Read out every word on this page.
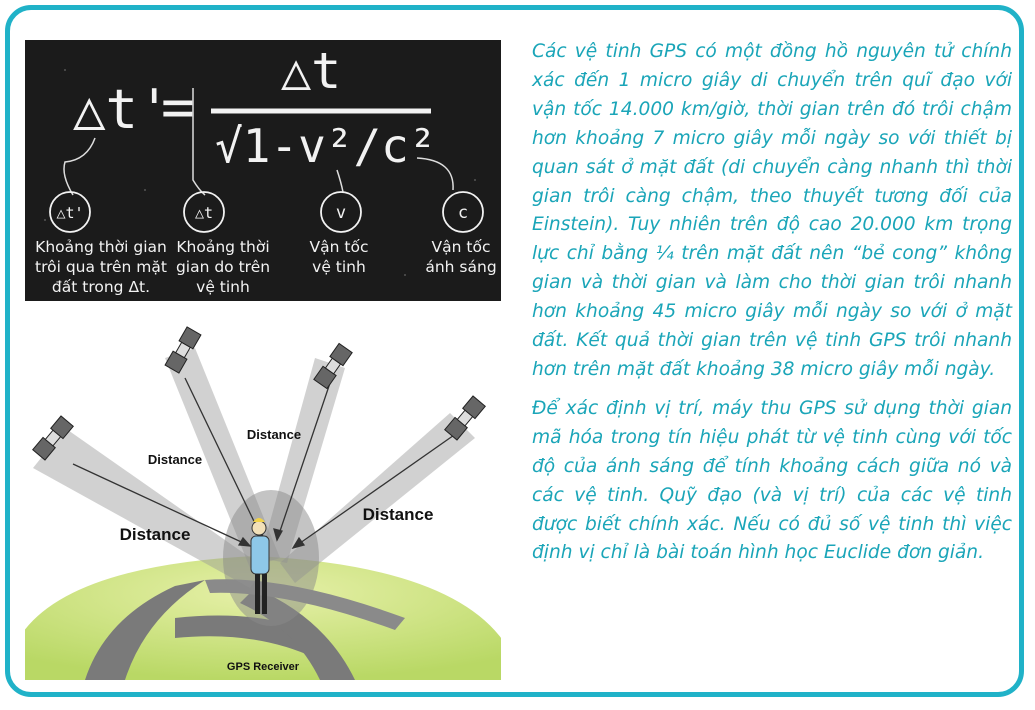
△t'
=
△t
√1-v²∕c²
△t'	△t	v	c
Khoảng thời gian
trôi qua trên mặt
đất trong Δt.
Khoảng thời
gian do trên
vệ tinh
Vận tốc
vệ tinh
Vận tốc
ánh sáng
Distance
Distance
Distance
Distance
GPS Receiver

Các vệ tinh GPS có một đồng hồ nguyên tử chính xác đến 1 micro giây di chuyển trên quĩ đạo với vận tốc 14.000 km/giờ, thời gian trên đó trôi chậm hơn khoảng 7 micro giây mỗi ngày so với thiết bị quan sát ở mặt đất (di chuyển càng nhanh thì thời gian trôi càng chậm, theo thuyết tương đối của Einstein). Tuy nhiên trên độ cao 20.000 km trọng lực chỉ bằng ¼ trên mặt đất nên “bẻ cong” không gian và thời gian và làm cho thời gian trôi nhanh hơn khoảng 45 micro giây mỗi ngày so với ở mặt đất. Kết quả thời gian trên vệ tinh GPS trôi nhanh hơn trên mặt đất khoảng 38 micro giây mỗi ngày.

Để xác định vị trí, máy thu GPS sử dụng thời gian mã hóa trong tín hiệu phát từ vệ tinh cùng với tốc độ của ánh sáng để tính khoảng cách giữa nó và các vệ tinh. Quỹ đạo (và vị trí) của các vệ tinh được biết chính xác. Nếu có đủ số vệ tinh thì việc định vị chỉ là bài toán hình học Euclide đơn giản.
